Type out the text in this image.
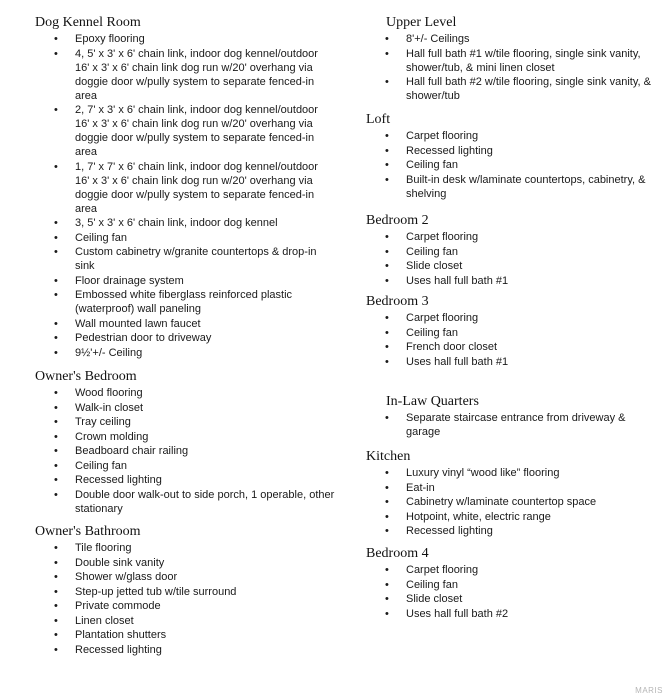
Dog Kennel Room
• Epoxy flooring
• 4, 5' x 3' x 6' chain link, indoor dog kennel/outdoor 16' x 3' x 6' chain link dog run w/20' overhang via doggie door w/pully system to separate fenced-in area
• 2, 7' x 3' x 6' chain link, indoor dog kennel/outdoor 16' x 3' x 6' chain link dog run w/20' overhang via doggie door w/pully system to separate fenced-in area
• 1, 7' x 7' x 6' chain link, indoor dog kennel/outdoor 16' x 3' x 6' chain link dog run w/20' overhang via doggie door w/pully system to separate fenced-in area
• 3, 5' x 3' x 6' chain link, indoor dog kennel
• Ceiling fan
• Custom cabinetry w/granite countertops & drop-in sink
• Floor drainage system
• Embossed white fiberglass reinforced plastic (waterproof) wall paneling
• Wall mounted lawn faucet
• Pedestrian door to driveway
• 9½'+/- Ceiling
Owner's Bedroom
• Wood flooring
• Walk-in closet
• Tray ceiling
• Crown molding
• Beadboard chair railing
• Ceiling fan
• Recessed lighting
• Double door walk-out to side porch, 1 operable, other stationary
Owner's Bathroom
• Tile flooring
• Double sink vanity
• Shower w/glass door
• Step-up jetted tub w/tile surround
• Private commode
• Linen closet
• Plantation shutters
• Recessed lighting
Upper Level
• 8'+/- Ceilings
• Hall full bath #1 w/tile flooring, single sink vanity, shower/tub, & mini linen closet
• Hall full bath #2 w/tile flooring, single sink vanity, & shower/tub
Loft
• Carpet flooring
• Recessed lighting
• Ceiling fan
• Built-in desk w/laminate countertops, cabinetry, & shelving
Bedroom 2
• Carpet flooring
• Ceiling fan
• Slide closet
• Uses hall full bath #1
Bedroom 3
• Carpet flooring
• Ceiling fan
• French door closet
• Uses hall full bath #1
In-Law Quarters
• Separate staircase entrance from driveway & garage
Kitchen
• Luxury vinyl “wood like” flooring
• Eat-in
• Cabinetry w/laminate countertop space
• Hotpoint, white, electric range
• Recessed lighting
Bedroom 4
• Carpet flooring
• Ceiling fan
• Slide closet
• Uses hall full bath #2
MARIS
